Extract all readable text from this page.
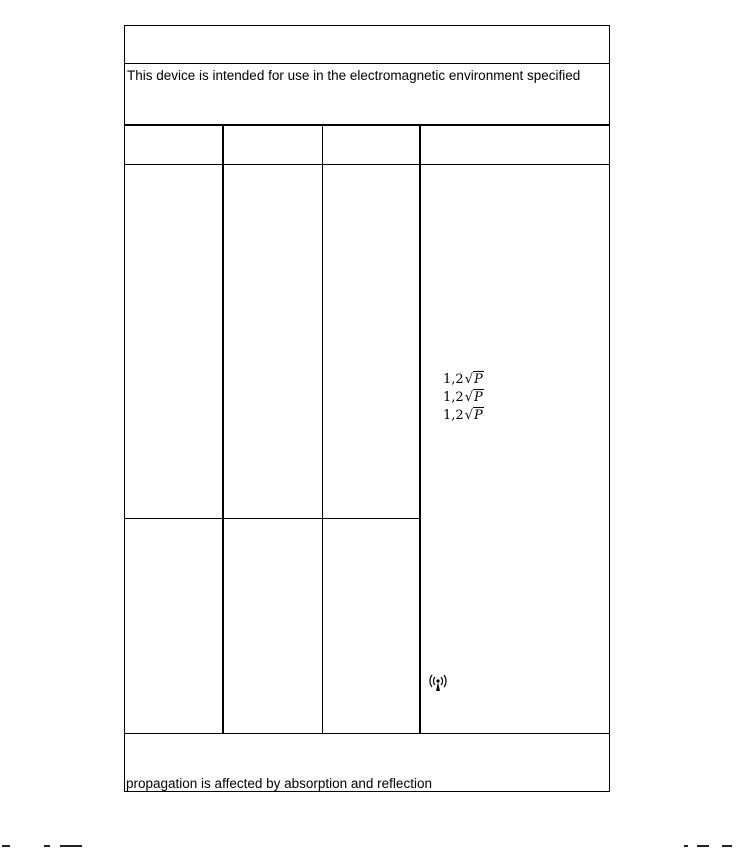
This device is intended for use in the electromagnetic environment specified
1,2√P
1,2√P
1,2√P
propagation is affected by absorption and reflection
